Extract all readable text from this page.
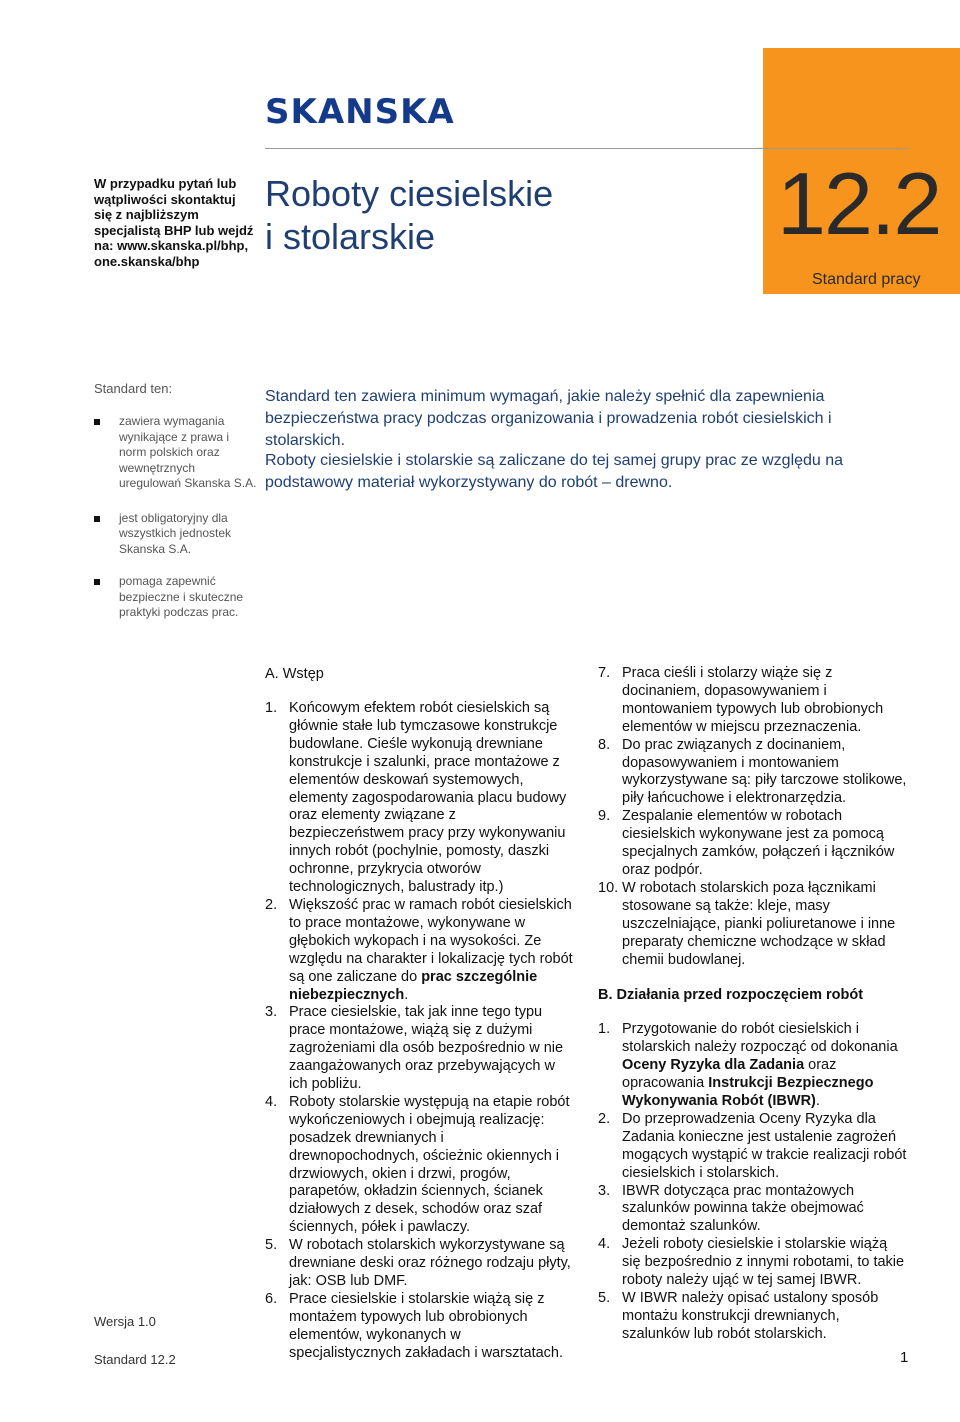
SKANSKA
12.2
Standard pracy
W przypadku pytań lub wątpliwości skontaktuj się z najbliższym specjalistą BHP lub wejdź na: www.skanska.pl/bhp, one.skanska/bhp
Roboty ciesielskie
i stolarskie
Standard ten:
zawiera wymagania wynikające z prawa i norm polskich oraz wewnętrznych uregulowań Skanska S.A.
jest obligatoryjny dla wszystkich jednostek Skanska S.A.
pomaga zapewnić bezpieczne i skuteczne praktyki podczas prac.
Standard ten zawiera minimum wymagań, jakie należy spełnić dla zapewnienia bezpieczeństwa pracy podczas organizowania i prowadzenia robót ciesielskich i stolarskich.
Roboty ciesielskie i stolarskie są zaliczane do tej samej grupy prac ze względu na podstawowy materiał wykorzystywany do robót – drewno.
A. Wstęp
1. Końcowym efektem robót ciesielskich są głównie stałe lub tymczasowe konstrukcje budowlane. Cieśle wykonują drewniane konstrukcje i szalunki, prace montażowe z elementów deskowań systemowych, elementy zagospodarowania placu budowy oraz elementy związane z bezpieczeństwem pracy przy wykonywaniu innych robót (pochylnie, pomosty, daszki ochronne, przykrycia otworów technologicznych, balustrady itp.)
2. Większość prac w ramach robót ciesielskich to prace montażowe, wykonywane w głębokich wykopach i na wysokości. Ze względu na charakter i lokalizację tych robót są one zaliczane do prac szczególnie niebezpiecznych.
3. Prace ciesielskie, tak jak inne tego typu prace montażowe, wiążą się z dużymi zagrożeniami dla osób bezpośrednio w nie zaangażowanych oraz przebywających w ich pobliżu.
4. Roboty stolarskie występują na etapie robót wykończeniowych i obejmują realizację: posadzek drewnianych i drewnopochodnych, ościeżnic okiennych i drzwiowych, okien i drzwi, progów, parapetów, okładzin ściennych, ścianek działowych z desek, schodów oraz szaf ściennych, półek i pawlaczy.
5. W robotach stolarskich wykorzystywane są drewniane deski oraz różnego rodzaju płyty, jak: OSB lub DMF.
6. Prace ciesielskie i stolarskie wiążą się z montażem typowych lub obrobionych elementów, wykonanych w specjalistycznych zakładach i warsztatach.
7. Praca cieśli i stolarzy wiąże się z docinaniem, dopasowywaniem i montowaniem typowych lub obrobionych elementów w miejscu przeznaczenia.
8. Do prac związanych z docinaniem, dopasowywaniem i montowaniem wykorzystywane są: piły tarczowe stolikowe, piły łańcuchowe i elektronarzędzia.
9. Zespalanie elementów w robotach ciesielskich wykonywane jest za pomocą specjalnych zamków, połączeń i łączników oraz podpór.
10. W robotach stolarskich poza łącznikami stosowane są także: kleje, masy uszczelniające, pianki poliuretanowe i inne preparaty chemiczne wchodzące w skład chemii budowlanej.
B. Działania przed rozpoczęciem robót
1. Przygotowanie do robót ciesielskich i stolarskich należy rozpocząć od dokonania Oceny Ryzyka dla Zadania oraz opracowania Instrukcji Bezpiecznego Wykonywania Robót (IBWR).
2. Do przeprowadzenia Oceny Ryzyka dla Zadania konieczne jest ustalenie zagrożeń mogących wystąpić w trakcie realizacji robót ciesielskich i stolarskich.
3. IBWR dotycząca prac montażowych szalunków powinna także obejmować demontaż szalunków.
4. Jeżeli roboty ciesielskie i stolarskie wiążą się bezpośrednio z innymi robotami, to takie roboty należy ująć w tej samej IBWR.
5. W IBWR należy opisać ustalony sposób montażu konstrukcji drewnianych, szalunków lub robót stolarskich.
Wersja 1.0
Standard 12.2	1
